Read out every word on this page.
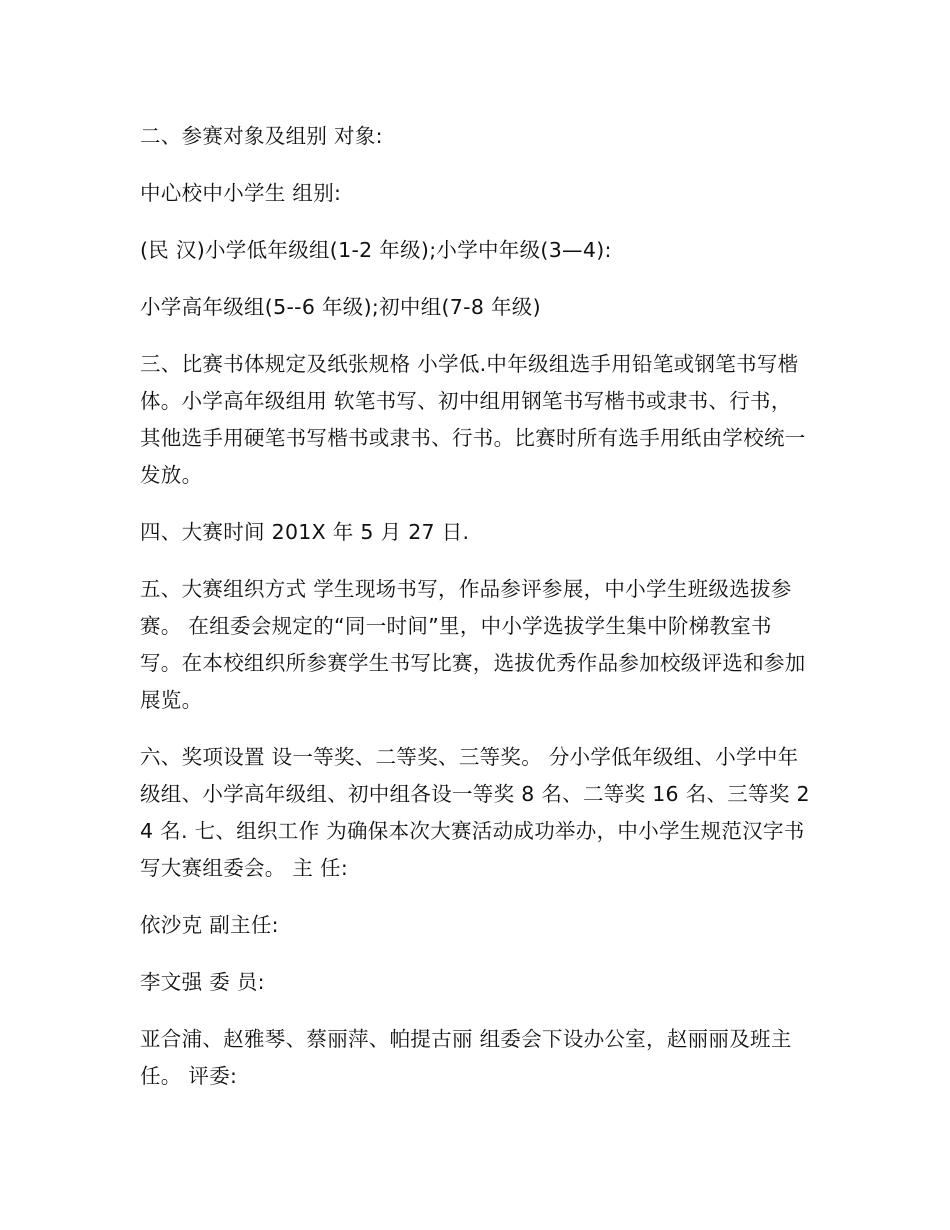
二、参赛对象及组别 对象:

中心校中小学生 组别:

(民 汉)小学低年级组(1-2 年级);小学中年级(3—4):

小学高年级组(5--6 年级);初中组(7-8 年级)

三、比赛书体规定及纸张规格 小学低.中年级组选手用铅笔或钢笔书写楷体。小学高年级组用 软笔书写、初中组用钢笔书写楷书或隶书、行书，其他选手用硬笔书写楷书或隶书、行书。比赛时所有选手用纸由学校统一发放。

四、大赛时间 201X 年 5 月 27 日.

五、大赛组织方式 学生现场书写，作品参评参展，中小学生班级选拔参赛。 在组委会规定的“同一时间”里，中小学选拔学生集中阶梯教室书写。在本校组织所参赛学生书写比赛，选拔优秀作品参加校级评选和参加展览。

六、奖项设置 设一等奖、二等奖、三等奖。 分小学低年级组、小学中年级组、小学高年级组、初中组各设一等奖 8 名、二等奖 16 名、三等奖 24 名. 七、组织工作 为确保本次大赛活动成功举办，中小学生规范汉字书写大赛组委会。 主 任:

依沙克 副主任:

李文强 委 员:

亚合浦、赵雅琴、蔡丽萍、帕提古丽 组委会下设办公室，赵丽丽及班主任。 评委:
